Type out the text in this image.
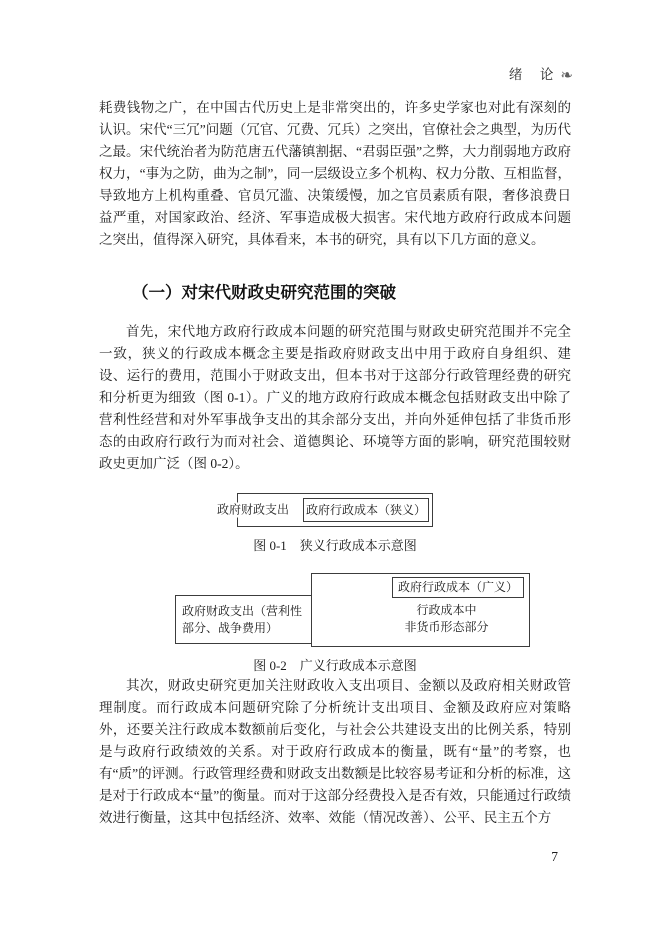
绪　论 ❧

耗费钱物之广，在中国古代历史上是非常突出的，许多史学家也对此有深刻的认识。宋代“三冗”问题（冗官、冗费、冗兵）之突出，官僚社会之典型，为历代之最。宋代统治者为防范唐五代藩镇割据、“君弱臣强”之弊，大力削弱地方政府权力，“事为之防，曲为之制”，同一层级设立多个机构、权力分散、互相监督，导致地方上机构重叠、官员冗滥、决策缓慢，加之官员素质有限，奢侈浪费日益严重，对国家政治、经济、军事造成极大损害。宋代地方政府行政成本问题之突出，值得深入研究，具体看来，本书的研究，具有以下几方面的意义。

（一）对宋代财政史研究范围的突破

首先，宋代地方政府行政成本问题的研究范围与财政史研究范围并不完全一致，狭义的行政成本概念主要是指政府财政支出中用于政府自身组织、建设、运行的费用，范围小于财政支出，但本书对于这部分行政管理经费的研究和分析更为细致（图 0-1）。广义的地方政府行政成本概念包括财政支出中除了营利性经营和对外军事战争支出的其余部分支出，并向外延伸包括了非货币形态的由政府行政行为而对社会、道德舆论、环境等方面的影响，研究范围较财政史更加广泛（图 0-2）。

政府财政支出 政府行政成本（狭义）
图 0-1　狭义行政成本示意图
政府行政成本（广义）
行政成本中
非货币形态部分
政府财政支出（营利性部分、战争费用）
图 0-2　广义行政成本示意图

其次，财政史研究更加关注财政收入支出项目、金额以及政府相关财政管理制度。而行政成本问题研究除了分析统计支出项目、金额及政府应对策略外，还要关注行政成本数额前后变化，与社会公共建设支出的比例关系，特别是与政府行政绩效的关系。对于政府行政成本的衡量，既有“量”的考察，也有“质”的评测。行政管理经费和财政支出数额是比较容易考证和分析的标准，这是对于行政成本“量”的衡量。而对于这部分经费投入是否有效，只能通过行政绩效进行衡量，这其中包括经济、效率、效能（情况改善）、公平、民主五个方

7
